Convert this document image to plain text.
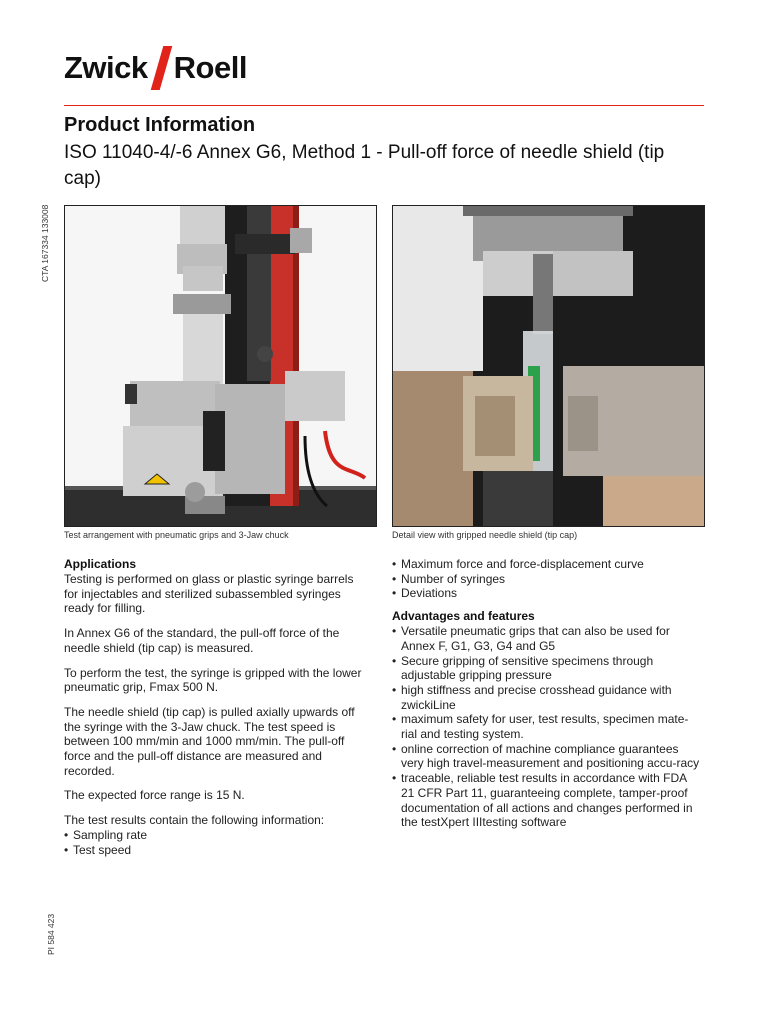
Zwick Roell
Product Information
ISO 11040-4/-6 Annex G6, Method 1 - Pull-off force of needle shield (tip cap)
CTA 167334 133008
PI 584 423
Test arrangement with pneumatic grips and 3-Jaw chuck	Detail view with gripped needle shield (tip cap)
Applications

Testing is performed on glass or plastic syringe barrels for injectables and sterilized subassembled syringes ready for filling.

In Annex G6 of the standard, the pull-off force of the needle shield (tip cap) is measured.

To perform the test, the syringe is gripped with the lower pneumatic grip, Fmax 500 N.

The needle shield (tip cap) is pulled axially upwards off the syringe with the 3-Jaw chuck. The test speed is between 100 mm/min and 1000 mm/min. The pull-off force and the pull-off distance are measured and recorded.

The expected force range is 15 N.

The test results contain the following information:

• Sampling rate
• Test speed
• Maximum force and force-displacement curve
• Number of syringes
• Deviations
Advantages and features
• Versatile pneumatic grips that can also be used for Annex F, G1, G3, G4 and G5
• Secure gripping of sensitive specimens through adjustable gripping pressure
• high stiffness and precise crosshead guidance with zwickiLine
• maximum safety for user, test results, specimen mate-rial and testing system.
• online correction of machine compliance guarantees very high travel-measurement and positioning accu-racy
• traceable, reliable test results in accordance with FDA 21 CFR Part 11, guaranteeing complete, tamper-proof documentation of all actions and changes performed in the testXpert IIItesting software
